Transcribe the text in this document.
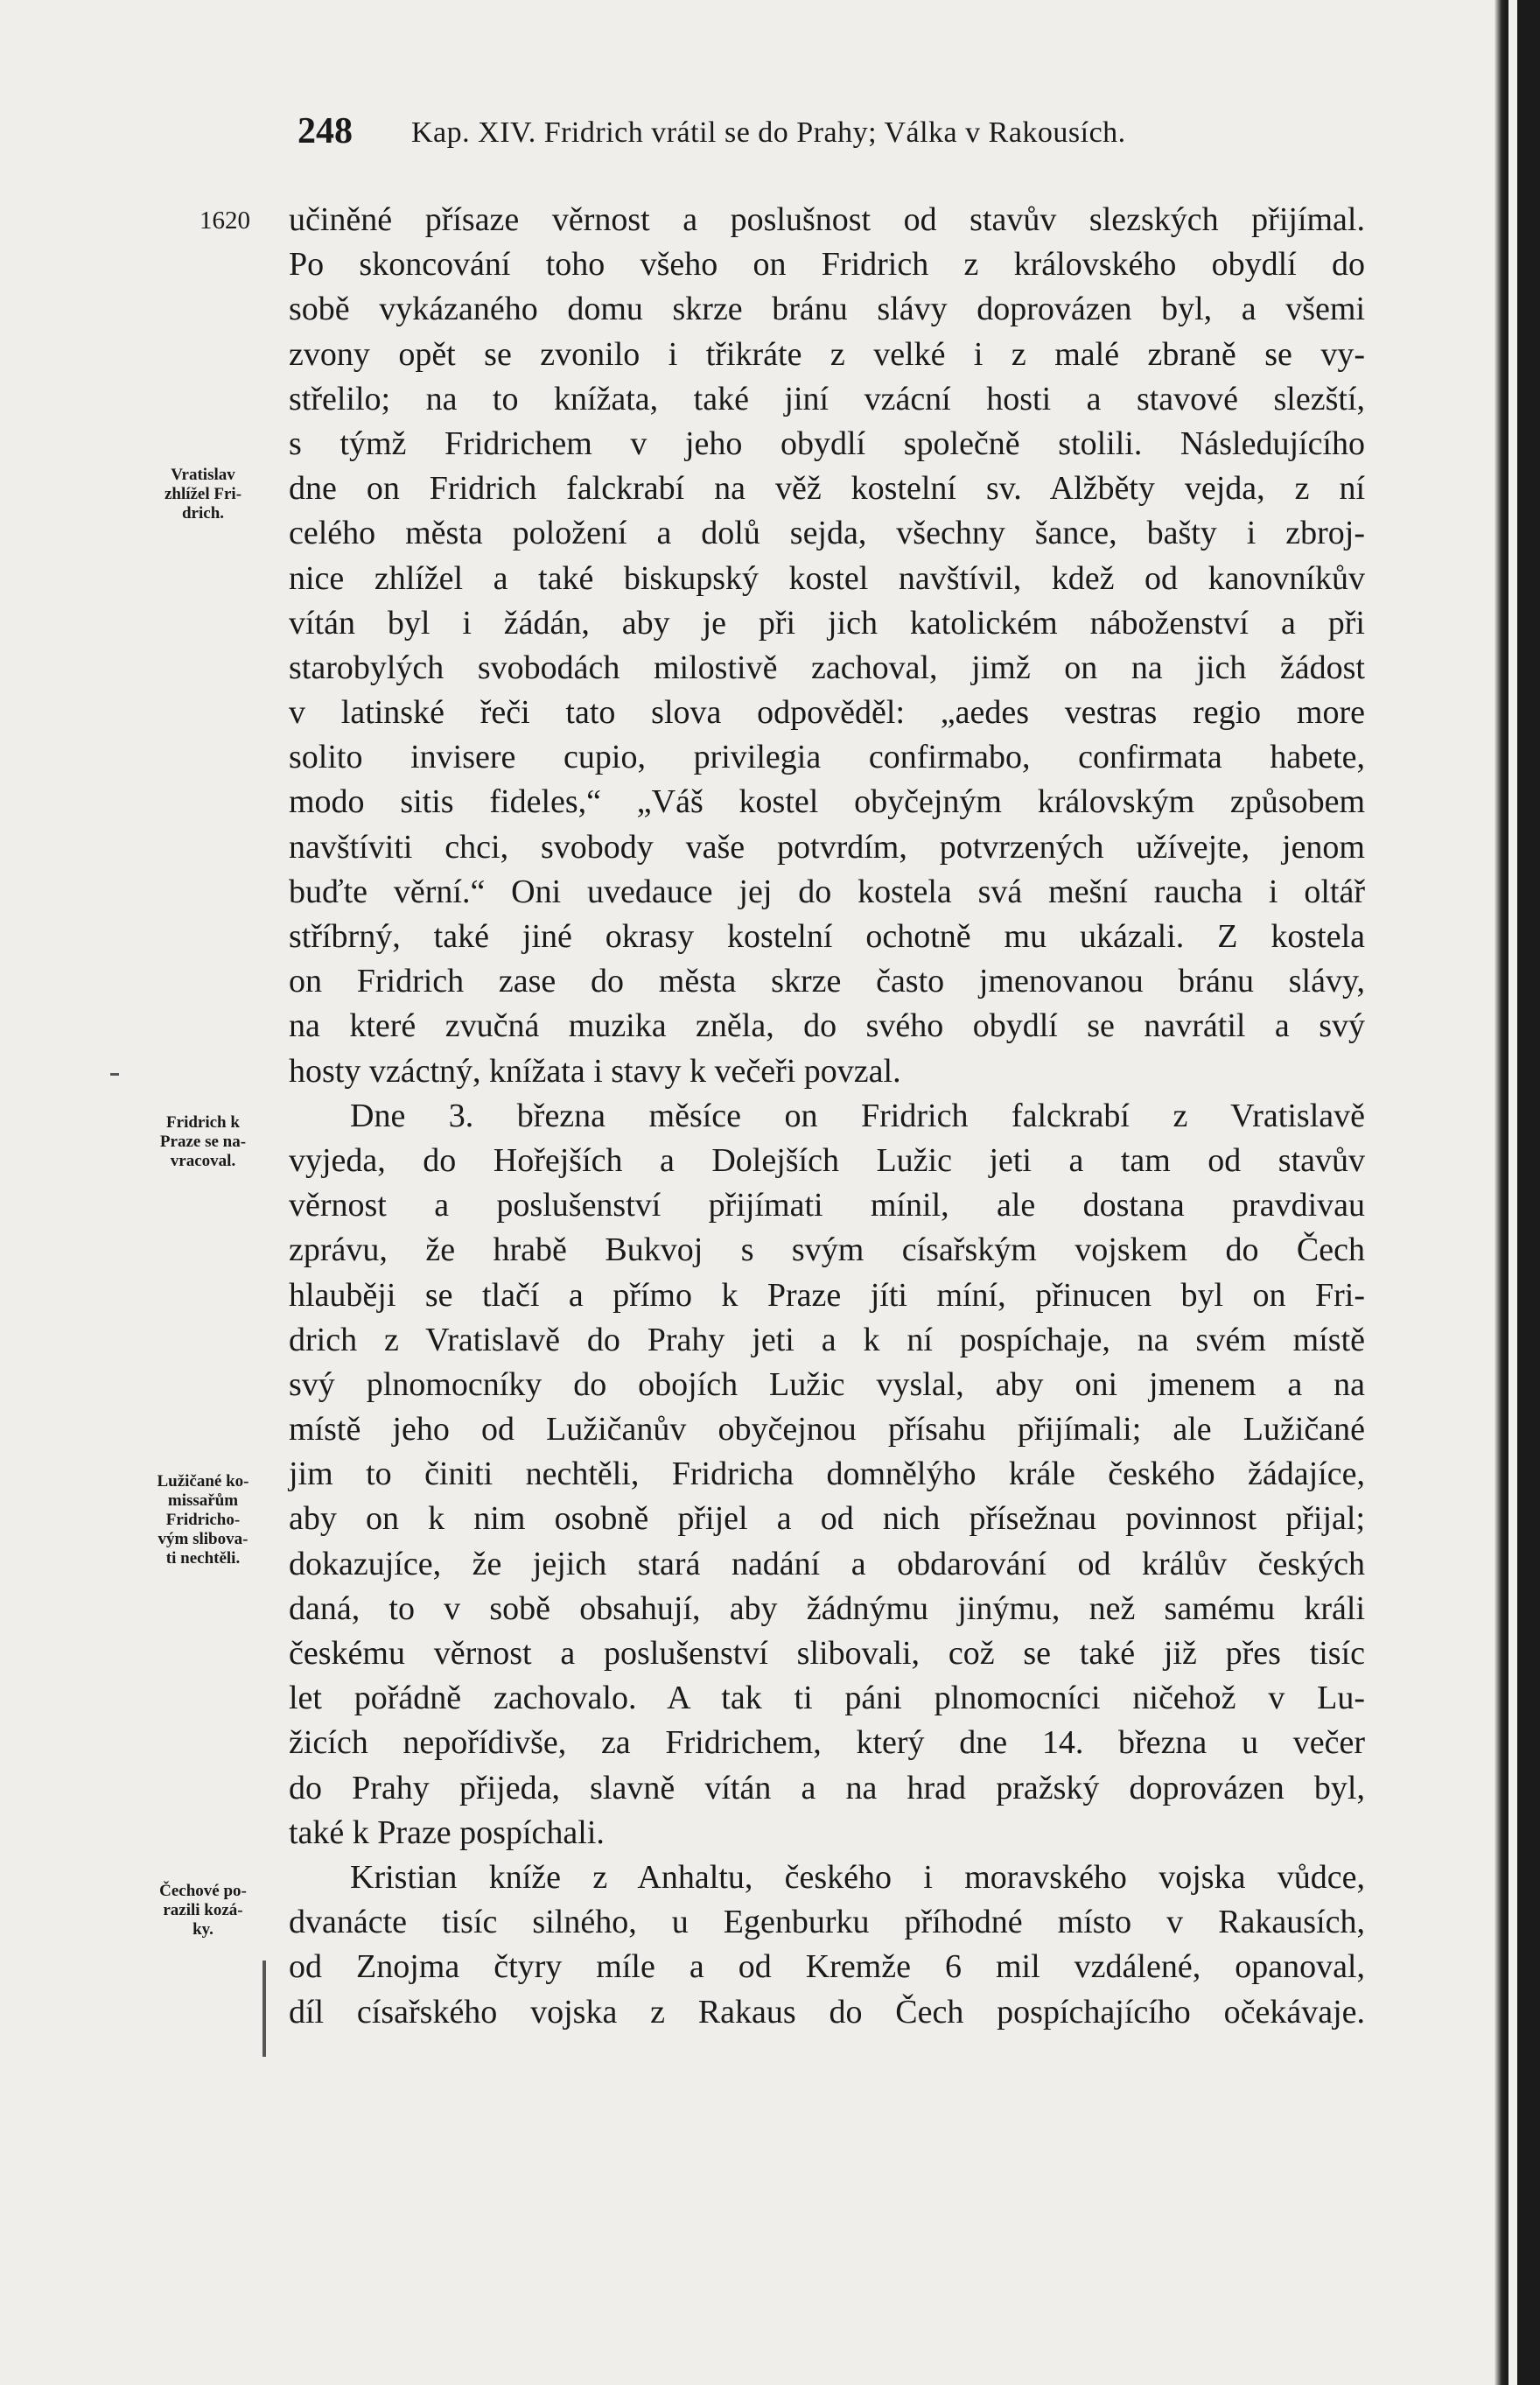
248 Kap. XIV. Fridrich vrátil se do Prahy; Válka v Rakousích.
1620
Vratislav
zhlížel Fri-
drich.
Fridrich k
Praze se na-
vracoval.
Lužičané ko-
missařům
Fridricho-
vým slibova-
ti nechtěli.
Čechové po-
razili kozá-
ky.
učiněné přísaze věrnost a poslušnost od stavův slezských přijímal.
Po skoncování toho všeho on Fridrich z královského obydlí do
sobě vykázaného domu skrze bránu slávy doprovázen byl, a všemi
zvony opět se zvonilo i třikráte z velké i z malé zbraně se vy-
střelilo; na to knížata, také jiní vzácní hosti a stavové slezští,
s týmž Fridrichem v jeho obydlí společně stolili. Následujícího
dne on Fridrich falckrabí na věž kostelní sv. Alžběty vejda, z ní
celého města položení a dolů sejda, všechny šance, bašty i zbroj-
nice zhlížel a také biskupský kostel navštívil, kdež od kanovníkův
vítán byl i žádán, aby je při jich katolickém náboženství a při
starobylých svobodách milostivě zachoval, jimž on na jich žádost
v latinské řeči tato slova odpověděl: „aedes vestras regio more
solito invisere cupio, privilegia confirmabo, confirmata habete,
modo sitis fideles,“ „Váš kostel obyčejným královským způsobem
navštíviti chci, svobody vaše potvrdím, potvrzených užívejte, jenom
buďte věrní.“ Oni uvedauce jej do kostela svá mešní raucha i oltář
stříbrný, také jiné okrasy kostelní ochotně mu ukázali. Z kostela
on Fridrich zase do města skrze často jmenovanou bránu slávy,
na které zvučná muzika zněla, do svého obydlí se navrátil a svý
hosty vzáctný, knížata i stavy k večeři povzal.
Dne 3. března měsíce on Fridrich falckrabí z Vratislavě
vyjeda, do Hořejších a Dolejších Lužic jeti a tam od stavův
věrnost a poslušenství přijímati mínil, ale dostana pravdivau
zprávu, že hrabě Bukvoj s svým císařským vojskem do Čech
hlauběji se tlačí a přímo k Praze jíti míní, přinucen byl on Fri-
drich z Vratislavě do Prahy jeti a k ní pospíchaje, na svém místě
svý plnomocníky do obojích Lužic vyslal, aby oni jmenem a na
místě jeho od Lužičanův obyčejnou přísahu přijímali; ale Lužičané
jim to činiti nechtěli, Fridricha domnělýho krále českého žádajíce,
aby on k nim osobně přijel a od nich přísežnau povinnost přijal;
dokazujíce, že jejich stará nadání a obdarování od králův českých
daná, to v sobě obsahují, aby žádnýmu jinýmu, než samému králi
českému věrnost a poslušenství slibovali, což se také již přes tisíc
let pořádně zachovalo. A tak ti páni plnomocníci ničehož v Lu-
žicích nepořídivše, za Fridrichem, který dne 14. března u večer
do Prahy přijeda, slavně vítán a na hrad pražský doprovázen byl,
také k Praze pospíchali.
Kristian kníže z Anhaltu, českého i moravského vojska vůdce,
dvanácte tisíc silného, u Egenburku příhodné místo v Rakausích,
od Znojma čtyry míle a od Kremže 6 mil vzdálené, opanoval,
díl císařského vojska z Rakaus do Čech pospíchajícího očekávaje.
